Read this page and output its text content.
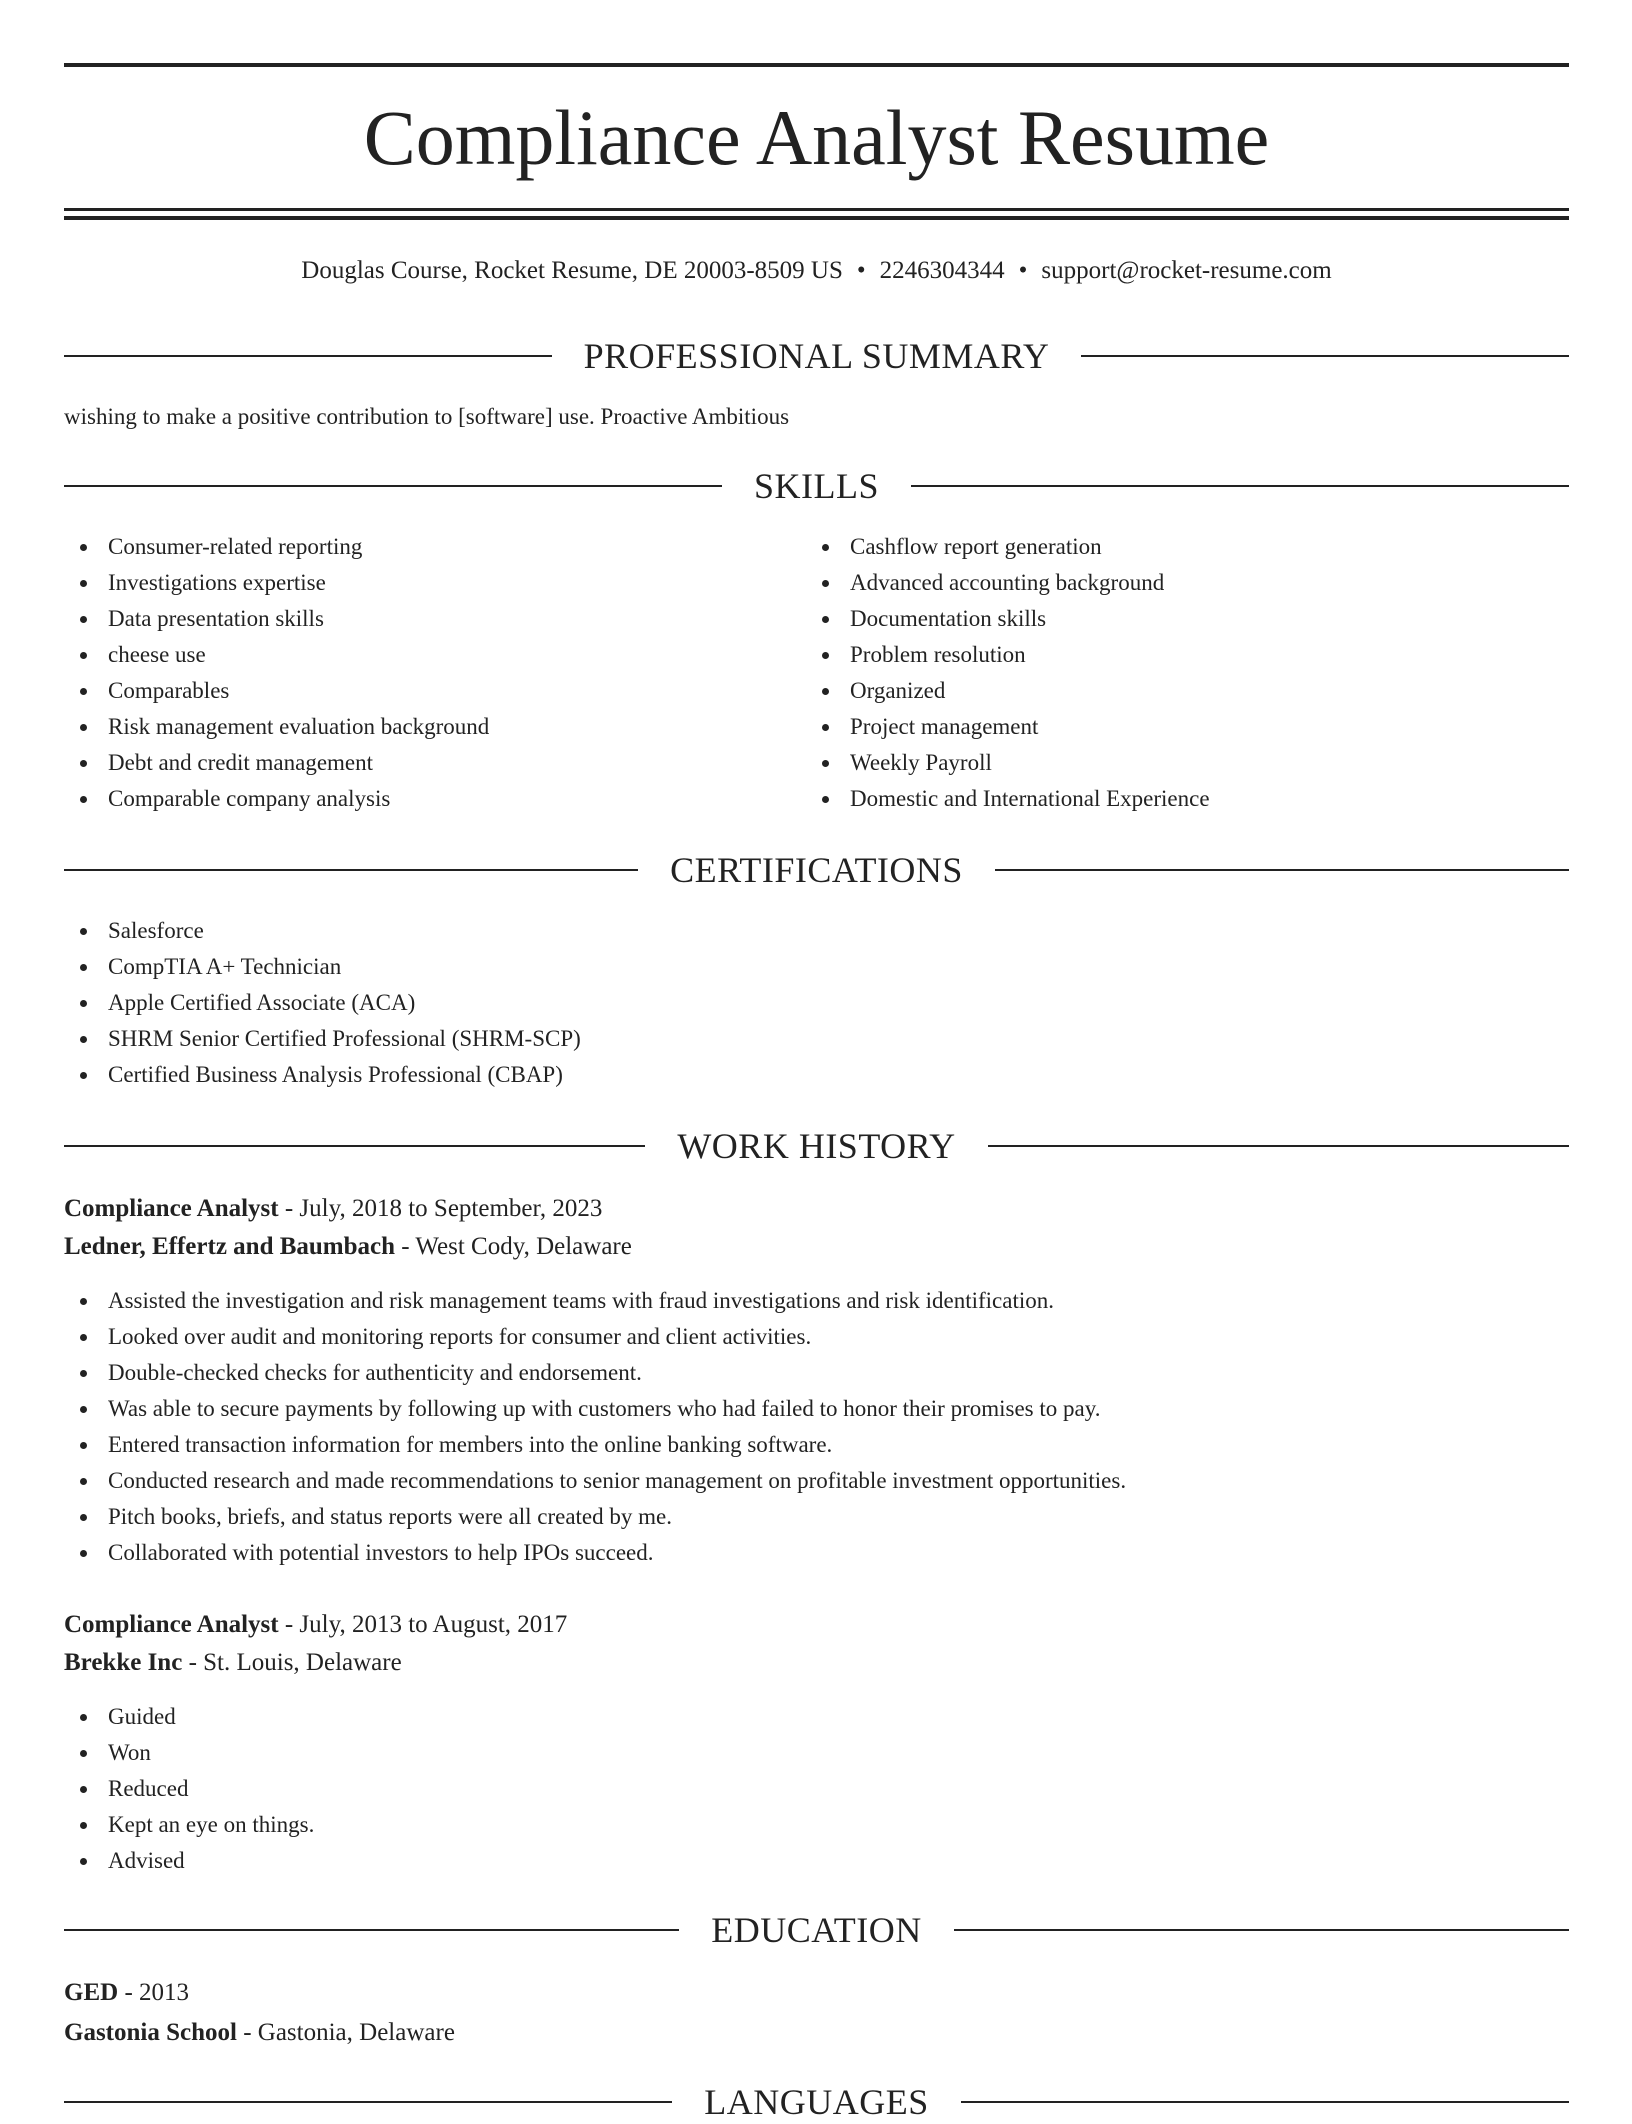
Compliance Analyst Resume
Douglas Course, Rocket Resume, DE 20003-8509 US • 2246304344 • support@rocket-resume.com
PROFESSIONAL SUMMARY
wishing to make a positive contribution to [software] use. Proactive Ambitious
SKILLS
Consumer-related reporting
Investigations expertise
Data presentation skills
cheese use
Comparables
Risk management evaluation background
Debt and credit management
Comparable company analysis
Cashflow report generation
Advanced accounting background
Documentation skills
Problem resolution
Organized
Project management
Weekly Payroll
Domestic and International Experience
CERTIFICATIONS
Salesforce
CompTIA A+ Technician
Apple Certified Associate (ACA)
SHRM Senior Certified Professional (SHRM-SCP)
Certified Business Analysis Professional (CBAP)
WORK HISTORY
Compliance Analyst - July, 2018 to September, 2023
Ledner, Effertz and Baumbach - West Cody, Delaware
Assisted the investigation and risk management teams with fraud investigations and risk identification.
Looked over audit and monitoring reports for consumer and client activities.
Double-checked checks for authenticity and endorsement.
Was able to secure payments by following up with customers who had failed to honor their promises to pay.
Entered transaction information for members into the online banking software.
Conducted research and made recommendations to senior management on profitable investment opportunities.
Pitch books, briefs, and status reports were all created by me.
Collaborated with potential investors to help IPOs succeed.
Compliance Analyst - July, 2013 to August, 2017
Brekke Inc - St. Louis, Delaware
Guided
Won
Reduced
Kept an eye on things.
Advised
EDUCATION
GED - 2013
Gastonia School - Gastonia, Delaware
LANGUAGES
